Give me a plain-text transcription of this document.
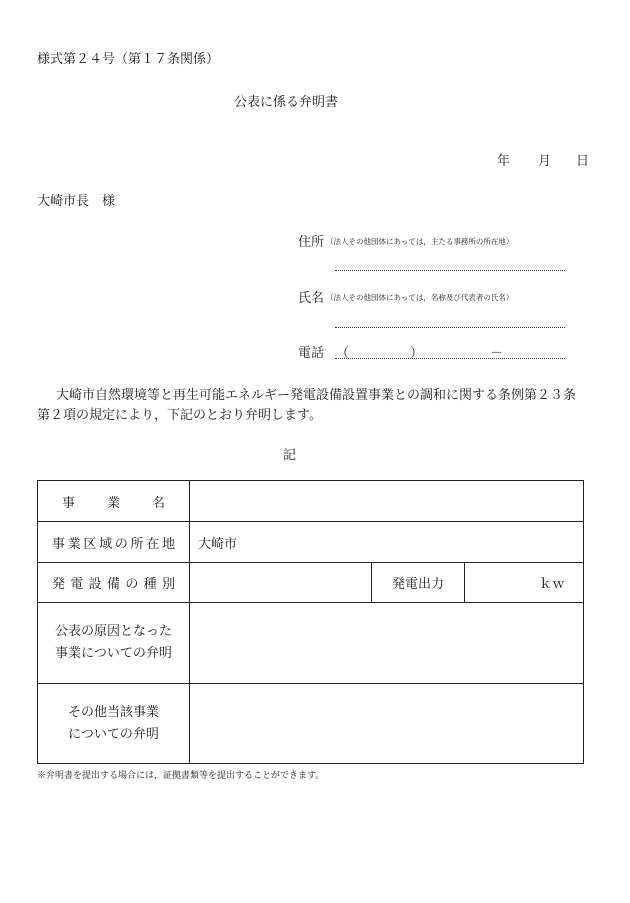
様式第２４号（第１７条関係）
公表に係る弁明書
年 月 日
大崎市長　様
住所 （法人その他団体にあっては，主たる事務所の所在地）
氏名 （法人その他団体にあっては，名称及び代表者の氏名）
電話 （	）	－
大崎市自然環境等と再生可能エネルギー発電設備設置事業との調和に関する条例第２３条
第２項の規定により，下記のとおり弁明します。
記
事業名			
事業区域の所在地	大崎市		
発電設備の種別		発電出力	ｋｗ

公表の原因となった
事業についての弁明			

その他当該事業
についての弁明			

※弁明書を提出する場合には，証拠書類等を提出することができます。
